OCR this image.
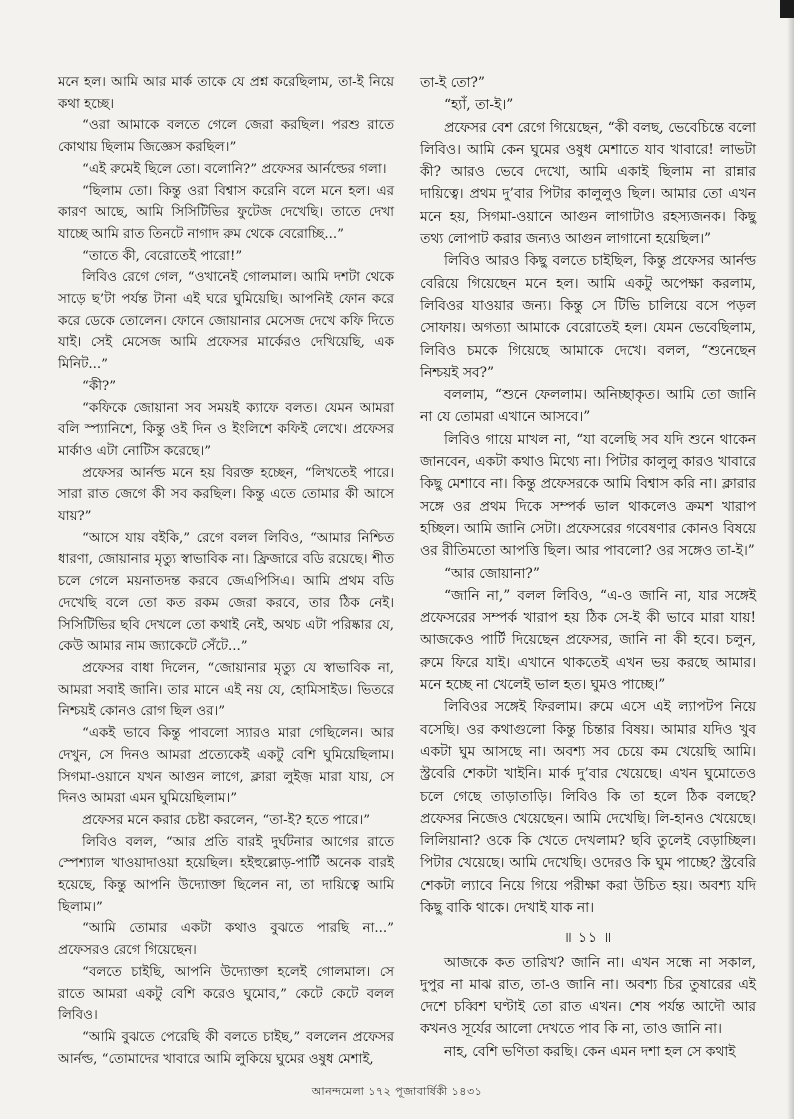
মনে হল। আমি আর মার্ক তাকে যে প্রশ্ন করেছিলাম, তা-ই নিয়ে কথা হচ্ছে।

“ওরা আমাকে বলতে গেলে জেরা করছিল। পরশু রাতে কোথায় ছিলাম জিজ্ঞেস করছিল।”

“এই রুমেই ছিলে তো। বলোনি?” প্রফেসর আর্নল্ডের গলা।

“ছিলাম তো। কিন্তু ওরা বিশ্বাস করেনি বলে মনে হল। এর কারণ আছে, আমি সিসিটিভির ফুটেজ দেখেছি। তাতে দেখা যাচ্ছে আমি রাত তিনটে নাগাদ রুম থেকে বেরোচ্ছি...”

“তাতে কী, বেরোতেই পারো!”

লিবিও রেগে গেল, “ওখানেই গোলমাল। আমি দশটা থেকে সাড়ে ছ’টা পর্যন্ত টানা এই ঘরে ঘুমিয়েছি। আপনিই ফোন করে করে ডেকে তোলেন। ফোনে জোয়ানার মেসেজ দেখে কফি দিতে যাই। সেই মেসেজ আমি প্রফেসর মার্কেরও দেখিয়েছি, এক মিনিট...”

“কী?”

“কফিকে জোয়ানা সব সময়ই ক্যাফে বলত। যেমন আমরা বলি স্প্যানিশে, কিন্তু ওই দিন ও ইংলিশে কফিই লেখে। প্রফেসর মার্কাও এটা নোটিস করেছে।”

প্রফেসর আর্নল্ড মনে হয় বিরক্ত হচ্ছেন, “লিখতেই পারে। সারা রাত জেগে কী সব করছিল। কিন্তু এতে তোমার কী আসে যায়?”

“আসে যায় বইকি,” রেগে বলল লিবিও, “আমার নিশ্চিত ধারণা, জোয়ানার মৃত্যু স্বাভাবিক না। ফ্রিজারে বডি রয়েছে। শীত চলে গেলে ময়নাতদন্ত করবে জেএপিসিএ। আমি প্রথম বডি দেখেছি বলে তো কত রকম জেরা করবে, তার ঠিক নেই। সিসিটিভির ছবি দেখলে তো কথাই নেই, অথচ এটা পরিষ্কার যে, কেউ আমার নাম জ্যাকেটে সেঁটে...”

প্রফেসর বাধা দিলেন, “জোয়ানার মৃত্যু যে স্বাভাবিক না, আমরা সবাই জানি। তার মানে এই নয় যে, হোমিসাইড। ভিতরে নিশ্চয়ই কোনও রোগ ছিল ওর।”

“একই ভাবে কিন্তু পাবলো স্যারও মারা গেছিলেন। আর দেখুন, সে দিনও আমরা প্রত্যেকেই একটু বেশি ঘুমিয়েছিলাম। সিগমা-ওয়ানে যখন আগুন লাগে, ক্লারা লুইজ় মারা যায়, সে দিনও আমরা এমন ঘুমিয়েছিলাম।”

প্রফেসর মনে করার চেষ্টা করলেন, “তা-ই? হতে পারে।”

লিবিও বলল, “আর প্রতি বারই দুর্ঘটনার আগের রাতে স্পেশ্যাল খাওয়াদাওয়া হয়েছিল। হইহুল্লোড়-পার্টি অনেক বারই হয়েছে, কিন্তু আপনি উদ্যোক্তা ছিলেন না, তা দায়িত্বে আমি ছিলাম।”

“আমি তোমার একটা কথাও বুঝতে পারছি না...” প্রফেসরও রেগে গিয়েছেন।

“বলতে চাইছি, আপনি উদ্যোক্তা হলেই গোলমাল। সে রাতে আমরা একটু বেশি করেও ঘুমোব,” কেটে কেটে বলল লিবিও।

“আমি বুঝতে পেরেছি কী বলতে চাইছ,” বললেন প্রফেসর আর্নল্ড, “তোমাদের খাবারে আমি লুকিয়ে ঘুমের ওষুধ মেশাই,

তা-ই তো?”

“হ্যাঁ, তা-ই।”

প্রফেসর বেশ রেগে গিয়েছেন, “কী বলছ, ভেবেচিন্তে বলো লিবিও। আমি কেন ঘুমের ওষুধ মেশাতে যাব খাবারে! লাভটা কী? আরও ভেবে দেখো, আমি একাই ছিলাম না রান্নার দায়িত্বে। প্রথম দু’বার পিটার কালুলুও ছিল। আমার তো এখন মনে হয়, সিগমা-ওয়ানে আগুন লাগাটাও রহস্যজনক। কিছু তথ্য লোপাট করার জন্যও আগুন লাগানো হয়েছিল।”

লিবিও আরও কিছু বলতে চাইছিল, কিন্তু প্রফেসর আর্নল্ড বেরিয়ে গিয়েছেন মনে হল। আমি একটু অপেক্ষা করলাম, লিবিওর যাওয়ার জন্য। কিন্তু সে টিভি চালিয়ে বসে পড়ল সোফায়। অগত্যা আমাকে বেরোতেই হল। যেমন ভেবেছিলাম, লিবিও চমকে গিয়েছে আমাকে দেখে। বলল, “শুনেছেন নিশ্চয়ই সব?”

বললাম, “শুনে ফেললাম। অনিচ্ছাকৃত। আমি তো জানি না যে তোমরা এখানে আসবে।”

লিবিও গায়ে মাখল না, “যা বলেছি সব যদি শুনে থাকেন জানবেন, একটা কথাও মিথ্যে না। পিটার কালুলু কারও খাবারে কিছু মেশাবে না। কিন্তু প্রফেসরকে আমি বিশ্বাস করি না। ক্লারার সঙ্গে ওর প্রথম দিকে সম্পর্ক ভাল থাকলেও ক্রমশ খারাপ হচ্ছিল। আমি জানি সেটা। প্রফেসরের গবেষণার কোনও বিষয়ে ওর রীতিমতো আপত্তি ছিল। আর পাবলো? ওর সঙ্গেও তা-ই।”

“আর জোয়ানা?”

“জানি না,” বলল লিবিও, “এ-ও জানি না, যার সঙ্গেই প্রফেসরের সম্পর্ক খারাপ হয় ঠিক সে-ই কী ভাবে মারা যায়! আজকেও পার্টি দিয়েছেন প্রফেসর, জানি না কী হবে। চলুন, রুমে ফিরে যাই। এখানে থাকতেই এখন ভয় করছে আমার। মনে হচ্ছে না খেলেই ভাল হত। ঘুমও পাচ্ছে।”

লিবিওর সঙ্গেই ফিরলাম। রুমে এসে এই ল্যাপটপ নিয়ে বসেছি। ওর কথাগুলো কিন্তু চিন্তার বিষয়। আমার যদিও খুব একটা ঘুম আসছে না। অবশ্য সব চেয়ে কম খেয়েছি আমি। স্ট্রবেরি শেকটা খাইনি। মার্ক দু’বার খেয়েছে। এখন ঘুমোতেও চলে গেছে তাড়াতাড়ি। লিবিও কি তা হলে ঠিক বলছে? প্রফেসর নিজেও খেয়েছেন। আমি দেখেছি। লি-হানও খেয়েছে। লিলিয়ানা? ওকে কি খেতে দেখলাম? ছবি তুলেই বেড়াচ্ছিল। পিটার খেয়েছে। আমি দেখেছি। ওদেরও কি ঘুম পাচ্ছে? স্ট্রবেরি শেকটা ল্যাবে নিয়ে গিয়ে পরীক্ষা করা উচিত হয়। অবশ্য যদি কিছু বাকি থাকে। দেখাই যাক না।

॥ ১১ ॥

আজকে কত তারিখ? জানি না। এখন সন্ধে না সকাল, দুপুর না মাঝ রাত, তা-ও জানি না। অবশ্য চির তুষারের এই দেশে চব্বিশ ঘণ্টাই তো রাত এখন। শেষ পর্যন্ত আদৌ আর কখনও সূর্যের আলো দেখতে পাব কি না, তাও জানি না।

নাহ, বেশি ভণিতা করছি। কেন এমন দশা হল সে কথাই

আনন্দমেলা ১৭২ পূজাবার্ষিকী ১৪৩১
